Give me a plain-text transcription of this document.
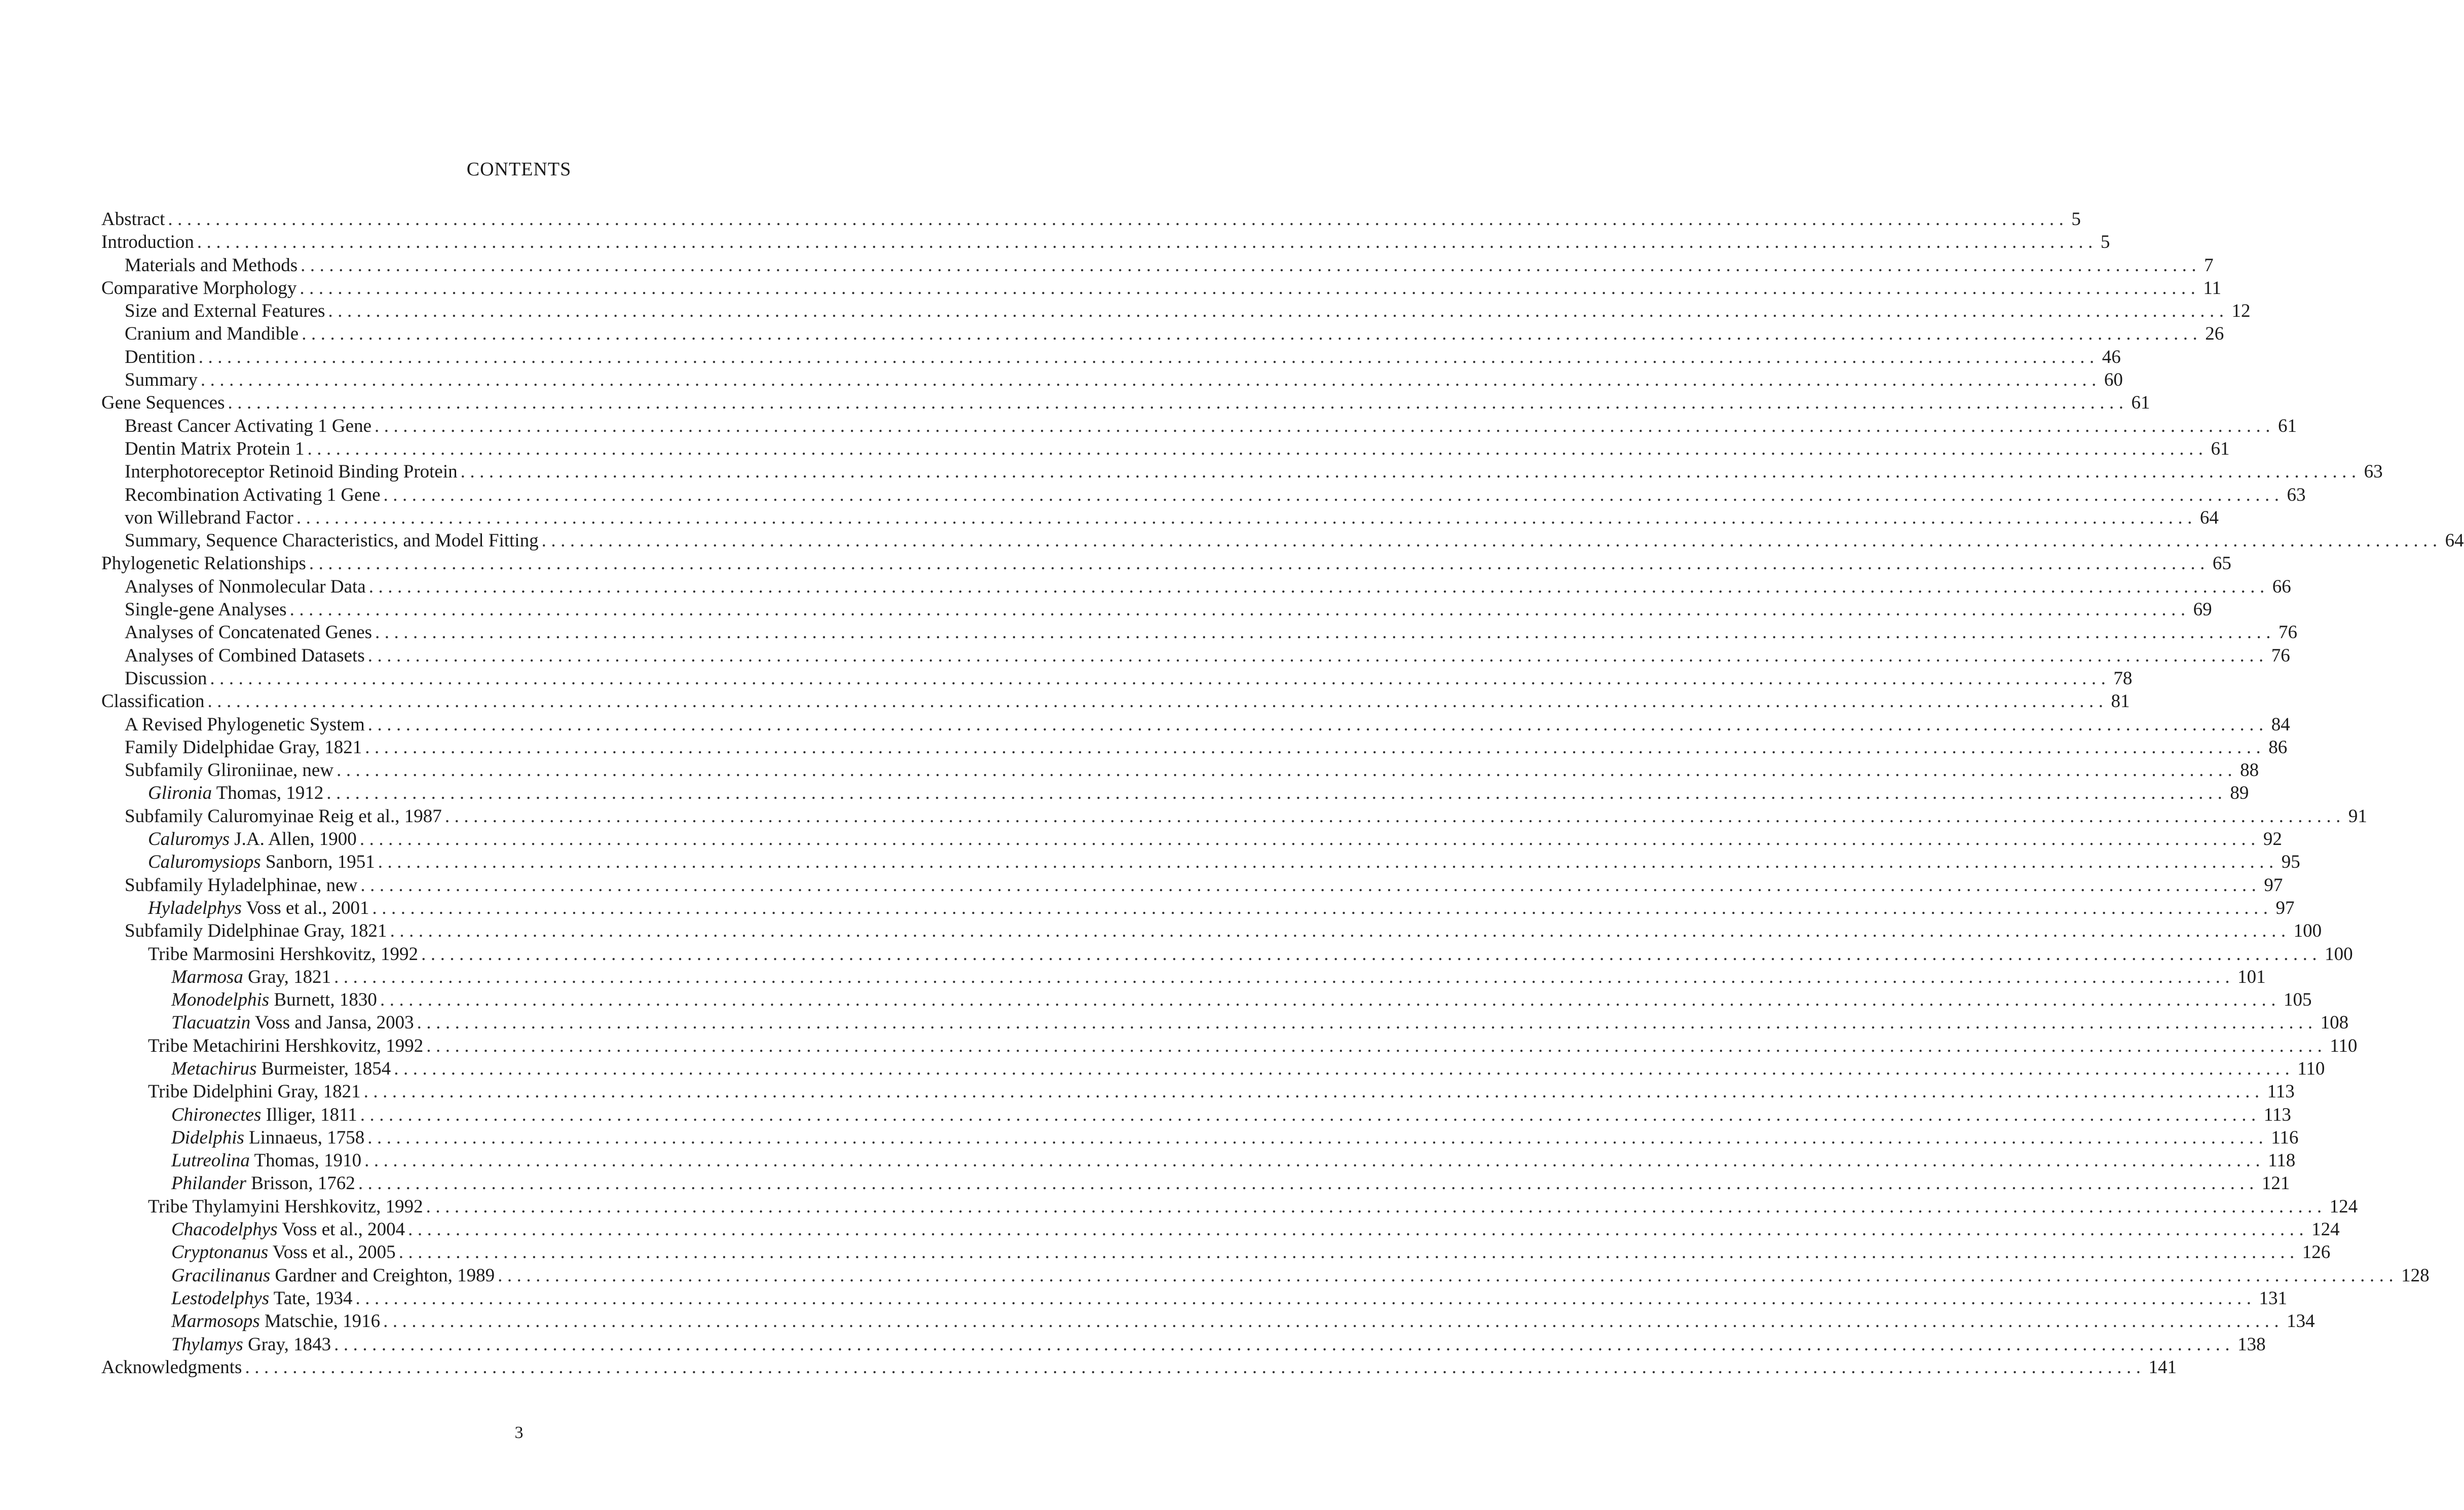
CONTENTS
Abstract ........................................................................................................................................................................................................ 5
Introduction ........................................................................................................................................................................................................ 5
Materials and Methods ........................................................................................................................................................................................................ 7
Comparative Morphology ........................................................................................................................................................................................................ 11
Size and External Features ........................................................................................................................................................................................................ 12
Cranium and Mandible ........................................................................................................................................................................................................ 26
Dentition ........................................................................................................................................................................................................ 46
Summary ........................................................................................................................................................................................................ 60
Gene Sequences ........................................................................................................................................................................................................ 61
Breast Cancer Activating 1 Gene ........................................................................................................................................................................................................ 61
Dentin Matrix Protein 1 ........................................................................................................................................................................................................ 61
Interphotoreceptor Retinoid Binding Protein ........................................................................................................................................................................................................ 63
Recombination Activating 1 Gene ........................................................................................................................................................................................................ 63
von Willebrand Factor ........................................................................................................................................................................................................ 64
Summary, Sequence Characteristics, and Model Fitting ........................................................................................................................................................................................................ 64
Phylogenetic Relationships ........................................................................................................................................................................................................ 65
Analyses of Nonmolecular Data ........................................................................................................................................................................................................ 66
Single-gene Analyses ........................................................................................................................................................................................................ 69
Analyses of Concatenated Genes ........................................................................................................................................................................................................ 76
Analyses of Combined Datasets ........................................................................................................................................................................................................ 76
Discussion ........................................................................................................................................................................................................ 78
Classification ........................................................................................................................................................................................................ 81
A Revised Phylogenetic System ........................................................................................................................................................................................................ 84
Family Didelphidae Gray, 1821 ........................................................................................................................................................................................................ 86
Subfamily Glironiinae, new ........................................................................................................................................................................................................ 88
Glironia Thomas, 1912 ........................................................................................................................................................................................................ 89
Subfamily Caluromyinae Reig et al., 1987 ........................................................................................................................................................................................................ 91
Caluromys J.A. Allen, 1900 ........................................................................................................................................................................................................ 92
Caluromysiops Sanborn, 1951 ........................................................................................................................................................................................................ 95
Subfamily Hyladelphinae, new ........................................................................................................................................................................................................ 97
Hyladelphys Voss et al., 2001 ........................................................................................................................................................................................................ 97
Subfamily Didelphinae Gray, 1821 ........................................................................................................................................................................................................ 100
Tribe Marmosini Hershkovitz, 1992 ........................................................................................................................................................................................................ 100
Marmosa Gray, 1821 ........................................................................................................................................................................................................ 101
Monodelphis Burnett, 1830 ........................................................................................................................................................................................................ 105
Tlacuatzin Voss and Jansa, 2003 ........................................................................................................................................................................................................ 108
Tribe Metachirini Hershkovitz, 1992 ........................................................................................................................................................................................................ 110
Metachirus Burmeister, 1854 ........................................................................................................................................................................................................ 110
Tribe Didelphini Gray, 1821 ........................................................................................................................................................................................................ 113
Chironectes Illiger, 1811 ........................................................................................................................................................................................................ 113
Didelphis Linnaeus, 1758 ........................................................................................................................................................................................................ 116
Lutreolina Thomas, 1910 ........................................................................................................................................................................................................ 118
Philander Brisson, 1762 ........................................................................................................................................................................................................ 121
Tribe Thylamyini Hershkovitz, 1992 ........................................................................................................................................................................................................ 124
Chacodelphys Voss et al., 2004 ........................................................................................................................................................................................................ 124
Cryptonanus Voss et al., 2005 ........................................................................................................................................................................................................ 126
Gracilinanus Gardner and Creighton, 1989 ........................................................................................................................................................................................................ 128
Lestodelphys Tate, 1934 ........................................................................................................................................................................................................ 131
Marmosops Matschie, 1916 ........................................................................................................................................................................................................ 134
Thylamys Gray, 1843 ........................................................................................................................................................................................................ 138
Acknowledgments ........................................................................................................................................................................................................ 141
3
